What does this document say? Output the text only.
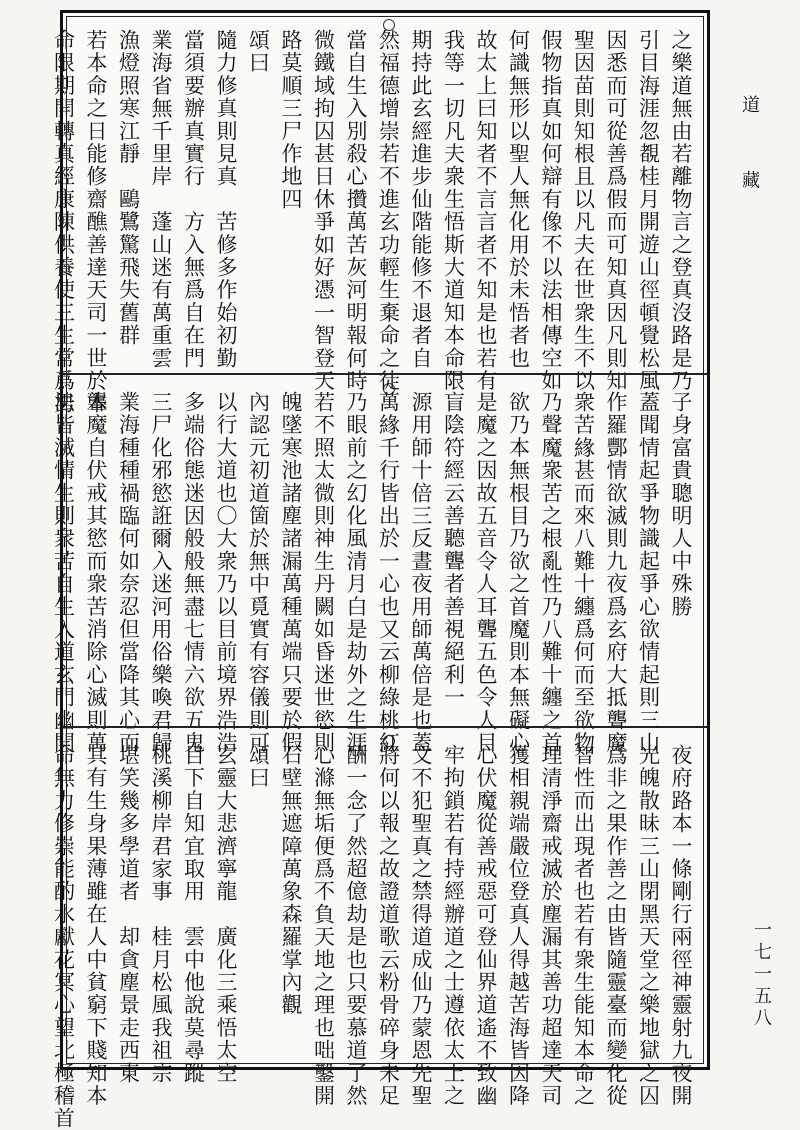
道 藏
一七一五八
之樂道無由若離物言之登真沒路是乃
引目海涯忽覩桂月開遊山徑頓覺松風
因悉而可從善爲假而可知真因凡則知
聖因苗則知根且以凡夫在世衆生不以
假物指真如何辯有像不以法相傳空如
何識無形以聖人無化用於未悟者也
故太上曰知者不言言者不知是也若有
我等一切凡夫衆生悟斯大道知本命限
期持此玄經進步仙階能修不退者自
然福德增崇若不進玄功輕生棄命之徒
當自生入別殺心攢萬苦灰河明報何時
微鐵域拘囚甚日休爭如好憑一智登天
路莫順三尸作地四
頌曰
隨力修真則見真　苦修多作始初勤
當須要辦真實行　方入無爲自在門
業海省無千里岸　蓬山迷有萬重雲
漁燈照寒江靜　鷗鷺驚飛失舊群
若本命之日能修齋醮善達天司一世於本
命限期開轉真經康陳供養使三生常爲男
子身富貴聰明人中殊勝
蓋聞情起爭物識起爭心欲情起則三山
作羅酆情欲滅則九夜爲玄府大抵聾魔
衆苦緣甚而來八難十纏爲何而至欲物
乃聲魔衆苦之根亂性乃八難十纏之首
欲乃本無根目乃欲之首魔則本無礙心
是魔之因故五音令人耳聾五色令人目
盲陰符經云善聽聾者善視絕利一
源用師十倍三反晝夜用師萬倍是也蓋
萬緣千行皆出於一心也又云柳綠桃紅
乃眼前之幻化風清月白是劫外之生涯
若不照太微則神生丹闕如昏迷世慾則
魄墜寒池諸塵諸漏萬種萬端只要於假
內認元初道箇於無中覓實有容儀則可
以行大道也〇大衆乃以目前境界浩浩
多端俗態迷因般般無盡七情六欲五鬼
三尸化邪慾誑爾入迷河用俗樂喚君歸
業海種種禍臨何如奈忍但當降其心而
聾魔自伏戒其慾而衆苦消除心滅則萬
法皆滅情生則衆苦自生入道玄門幽開
夜府路本一條剛行兩徑神靈射九夜開
光魄散昧三山閉黑天堂之樂地獄之囚
爲非之果作善之由皆隨靈臺而變化從
智性而出現者也若有衆生能知本命之
理清淨齋戒滅於塵漏其善功超達天司
獲相親端嚴位登真人得越苦海皆因降
心伏魔從善戒惡可登仙界道遙不致幽
牢拘鎖若有持經辦道之士遵依太上之
文不犯聖真之禁得道成仙乃蒙恩先聖
將何以報之故證道歌云粉骨碎身未足
酬一念了然超億劫是也只要慕道了然
心滌無垢便爲不負天地之理也咄鑿開
石壁無遮障萬象森羅掌內觀
頌曰
玄靈大悲濟寧龍　廣化三乘悟太空
目下自知宜取用　雲中他說莫尋蹤
桃溪柳岸君家事　桂月松風我祖宗
堪笑幾多學道者　却貪塵景走西東
其有生身果薄雖在人中貧窮下賤知本
命無力修崇能酌水獻花冥心望北極稽首
